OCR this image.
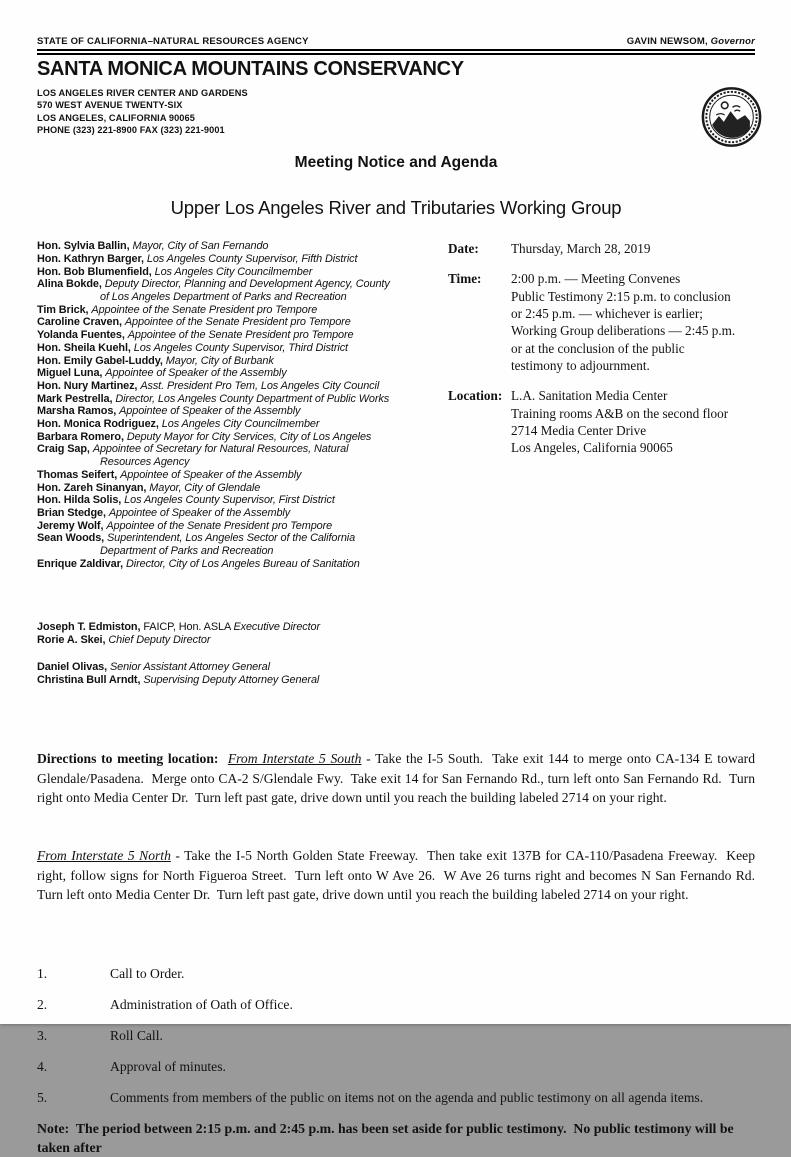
STATE OF CALIFORNIA–NATURAL RESOURCES AGENCY	GAVIN NEWSOM, Governor
SANTA MONICA MOUNTAINS CONSERVANCY
LOS ANGELES RIVER CENTER AND GARDENS
570 WEST AVENUE TWENTY-SIX
LOS ANGELES, CALIFORNIA 90065
PHONE (323) 221-8900 FAX (323) 221-9001
Meeting Notice and Agenda
Upper Los Angeles River and Tributaries Working Group
Hon. Sylvia Ballin, Mayor, City of San Fernando
Hon. Kathryn Barger, Los Angeles County Supervisor, Fifth District
Hon. Bob Blumenfield, Los Angeles City Councilmember
Alina Bokde, Deputy Director, Planning and Development Agency, County
of Los Angeles Department of Parks and Recreation
Tim Brick, Appointee of the Senate President pro Tempore
Caroline Craven, Appointee of the Senate President pro Tempore
Yolanda Fuentes, Appointee of the Senate President pro Tempore
Hon. Sheila Kuehl, Los Angeles County Supervisor, Third District
Hon. Emily Gabel-Luddy, Mayor, City of Burbank
Miguel Luna, Appointee of Speaker of the Assembly
Hon. Nury Martinez, Asst. President Pro Tem, Los Angeles City Council
Mark Pestrella, Director, Los Angeles County Department of Public Works
Marsha Ramos, Appointee of Speaker of the Assembly
Hon. Monica Rodriguez, Los Angeles City Councilmember
Barbara Romero, Deputy Mayor for City Services, City of Los Angeles
Craig Sap, Appointee of Secretary for Natural Resources, Natural
Resources Agency
Thomas Seifert, Appointee of Speaker of the Assembly
Hon. Zareh Sinanyan, Mayor, City of Glendale
Hon. Hilda Solis, Los Angeles County Supervisor, First District
Brian Stedge, Appointee of Speaker of the Assembly
Jeremy Wolf, Appointee of the Senate President pro Tempore
Sean Woods, Superintendent, Los Angeles Sector of the California
Department of Parks and Recreation
Enrique Zaldivar, Director, City of Los Angeles Bureau of Sanitation
Joseph T. Edmiston, FAICP, Hon. ASLA Executive Director
Rorie A. Skei, Chief Deputy Director
Daniel Olivas, Senior Assistant Attorney General
Christina Bull Arndt, Supervising Deputy Attorney General
Date:	Thursday, March 28, 2019
Time:	2:00 p.m. — Meeting Convenes
Public Testimony 2:15 p.m. to conclusion
or 2:45 p.m. — whichever is earlier;
Working Group deliberations — 2:45 p.m.
or at the conclusion of the public
testimony to adjournment.
Location: L.A. Sanitation Media Center
Training rooms A&B on the second floor
2714 Media Center Drive
Los Angeles, California 90065

Directions to meeting location:  From Interstate 5 South - Take the I-5 South.  Take exit 144 to merge onto CA-134 E toward Glendale/Pasadena.  Merge onto CA-2 S/Glendale Fwy.  Take exit 14 for San Fernando Rd., turn left onto San Fernando Rd.  Turn right onto Media Center Dr.  Turn left past gate, drive down until you reach the building labeled 2714 on your right.

From Interstate 5 North - Take the I-5 North Golden State Freeway.  Then take exit 137B for CA-110/Pasadena Freeway.  Keep right, follow signs for North Figueroa Street.  Turn left onto W Ave 26.  W Ave 26 turns right and becomes N San Fernando Rd.  Turn left onto Media Center Dr.  Turn left past gate, drive down until you reach the building labeled 2714 on your right.

1.	Call to Order.
2.	Administration of Oath of Office.
3.	Roll Call.
4.	Approval of minutes.
5.	Comments from members of the public on items not on the agenda and public testimony on all agenda items.
Note:  The period between 2:15 p.m. and 2:45 p.m. has been set aside for public testimony.  No public testimony will be taken after
